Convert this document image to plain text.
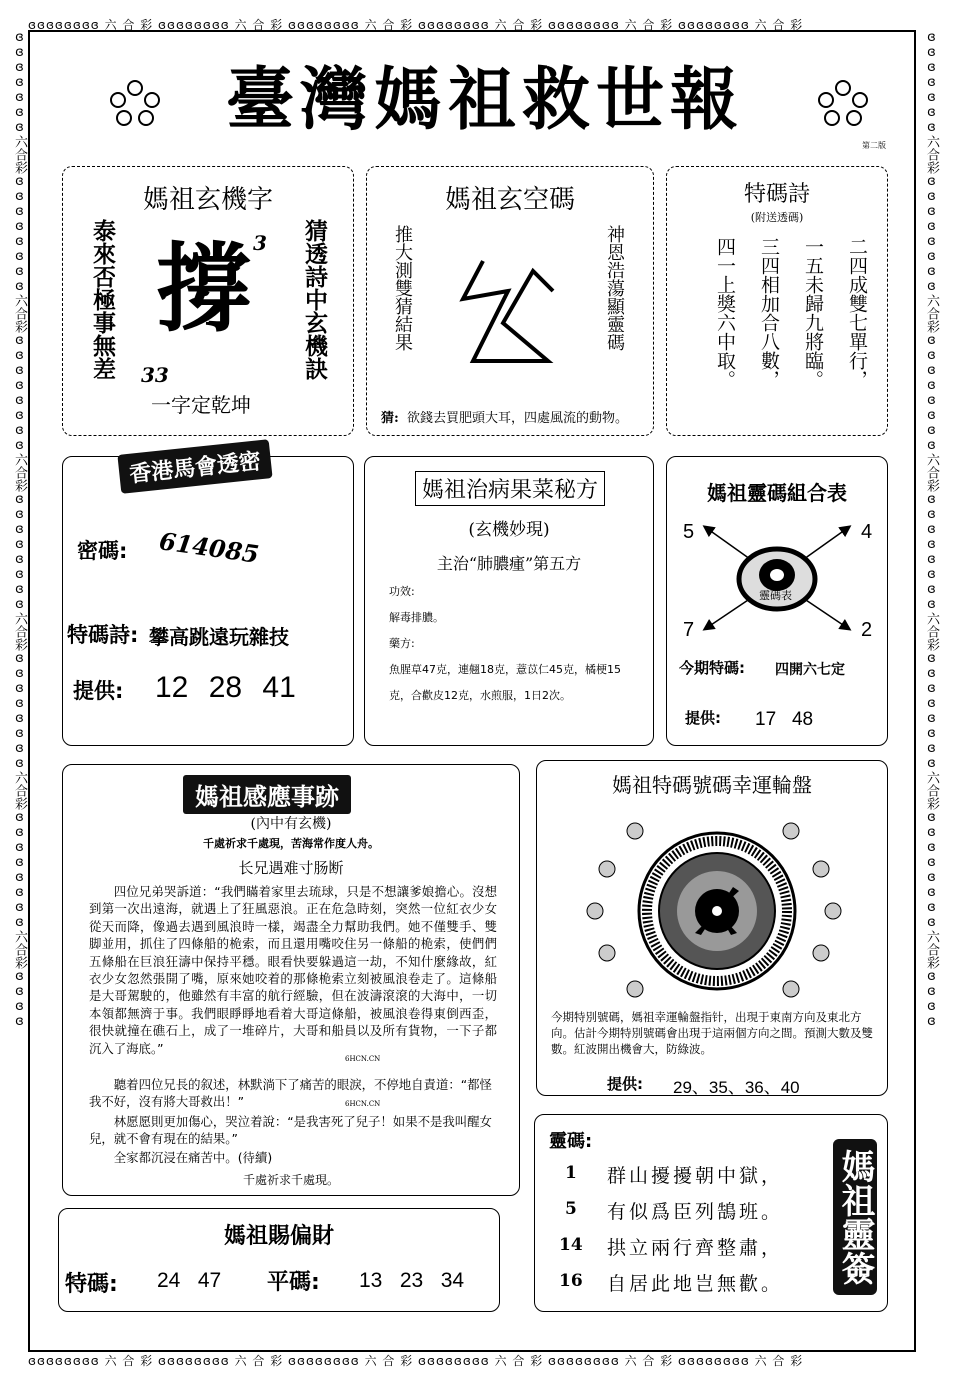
ɞɞɞɞɞɞɞɞ 六 合 彩 ɞɞɞɞɞɞɞɞ 六 合 彩 ɞɞɞɞɞɞɞɞ 六 合 彩 ɞɞɞɞɞɞɞɞ 六 合 彩 ɞɞɞɞɞɞɞɞ 六 合 彩 ɞɞɞɞɞɞɞɞ 六 合 彩
ɞɞɞɞɞɞɞɞ 六 合 彩 ɞɞɞɞɞɞɞɞ 六 合 彩 ɞɞɞɞɞɞɞɞ 六 合 彩 ɞɞɞɞɞɞɞɞ 六 合 彩 ɞɞɞɞɞɞɞɞ 六 合 彩 ɞɞɞɞɞɞɞɞ 六 合 彩
ɞɞɞɞɞɞɞ六合彩ɞɞɞɞɞɞɞɞ六合彩ɞɞɞɞɞɞɞɞ六合彩ɞɞɞɞɞɞɞɞ六合彩ɞɞɞɞɞɞɞɞ六合彩ɞɞɞɞɞɞɞɞ六合彩ɞɞɞɞ	ɞɞɞɞɞɞɞ六合彩ɞɞɞɞɞɞɞɞ六合彩ɞɞɞɞɞɞɞɞ六合彩ɞɞɞɞɞɞɞɞ六合彩ɞɞɞɞɞɞɞɞ六合彩ɞɞɞɞɞɞɞɞ六合彩ɞɞɞɞ
臺灣媽祖救世報
第二版
媽祖玄機字
泰來否極事無差 撐 3
33
一字定乾坤
猜透詩中玄機訣
媽祖玄空碼
推大測雙猜結果	神恩浩蕩顯靈碼
猜: 欲錢去買肥頭大耳，四處風流的動物。
特碼詩
(附送透碼)
二四成雙七單行，
一五未歸九將臨。
三四相加合八數，
四一上獎六中取。
香港馬會透密
密碼: 614085
特碼詩: 攀高跳遠玩雜技
提供: 12 28 41
媽祖治病果菜秘方
(玄機妙現)
主治“肺膿瘇”第五方
功效:
解毒排膿。
藥方:
魚腥草47克，連翹18克，薏苡仁45克，橘梗15
克，合歡皮12克，水煎服，1日2次。
媽祖靈碼組合表
5	4
7	2
靈碼表
今期特碼: 四開六七定
提供: 17   48
媽祖感應事跡
(內中有玄機)
千處祈求千處現，苦海常作度人舟。
长兄遇难寸肠断
四位兄弟哭訴道：“我們瞞着家里去琉球，只是不想讓爹娘擔心。沒想到第一次出遠海，就遇上了狂風惡浪。正在危急時刻，突然一位紅衣少女從天而降，像過去遇到風浪時一樣，竭盡全力幫助我們。她不僅雙手、雙脚並用，抓住了四條船的桅索，而且還用嘴咬住另一條船的桅索，使們們五條船在巨浪狂濤中保持平穩。眼看快要躲過這一劫，不知什麼緣故，紅衣少女忽然張開了嘴，原來她咬着的那條桅索立刻被風浪卷走了。這條船是大哥駕駛的，他雖然有丰富的航行經驗，但在波濤滾滾的大海中，一切本領都無濟于事。我們眼睜睜地看着大哥這條船，被風浪卷得東倒西歪，很快就撞在礁石上，成了一堆碎片，大哥和船員以及所有貨物，一下子都沉入了海底。”
6HCN.CN
聽着四位兄長的叙述，林默淌下了痛苦的眼淚，不停地自責道：“都怪我不好，沒有將大哥救出！”	6HCN.CN
林愿愿則更加傷心，哭泣着說：“是我害死了兒子！如果不是我叫醒女兒，就不會有現在的結果。”
全家都沉浸在痛苦中。(待續)
千處祈求千處現。
媽祖特碼號碼幸運輪盤
今期特別號碼，媽祖幸運輪盤指针，出現于東南方向及東北方向。估計今期特別號碼會出現于這兩個方向之間。預測大數及雙數。紅波開出機會大，防綠波。
提供: 29、35、36、40
媽祖賜偏財
特碼: 24   47 平碼: 13   23   34
靈碼:
1 群山擾擾朝中獄，
5 有似爲臣列鵠班。
14 拱立兩行齊整肅，
16 自居此地岂無歡。 媽祖靈簽
